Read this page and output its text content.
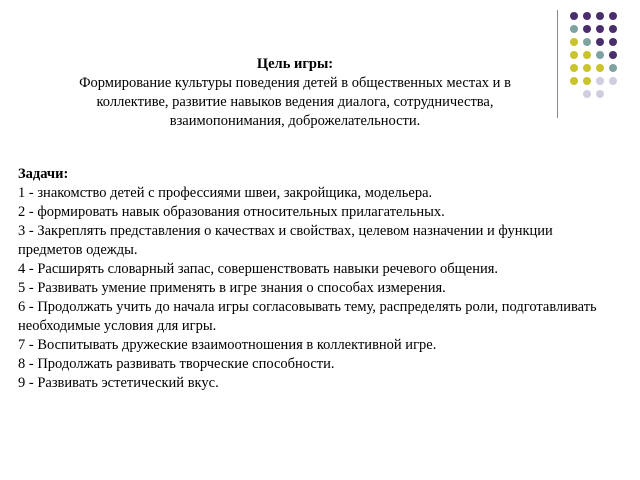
Цель игры:
Формирование культуры поведения детей в общественных местах и в коллективе, развитие навыков ведения диалога, сотрудничества, взаимопонимания, доброжелательности.
Задачи:
1 - знакомство детей с профессиями швеи, закройщика, модельера.
2 - формировать навык образования относительных прилагательных.
3 - Закреплять представления о качествах и свойствах, целевом назначении и функции предметов одежды.
4 - Расширять словарный запас, совершенствовать навыки речевого общения.
5 - Развивать умение применять в игре знания о способах измерения.
6 - Продолжать учить до начала игры согласовывать тему, распределять роли, подготавливать необходимые условия для игры.
7 - Воспитывать дружеские взаимоотношения в коллективной игре.
8 - Продолжать развивать творческие способности.
9 - Развивать эстетический вкус.
